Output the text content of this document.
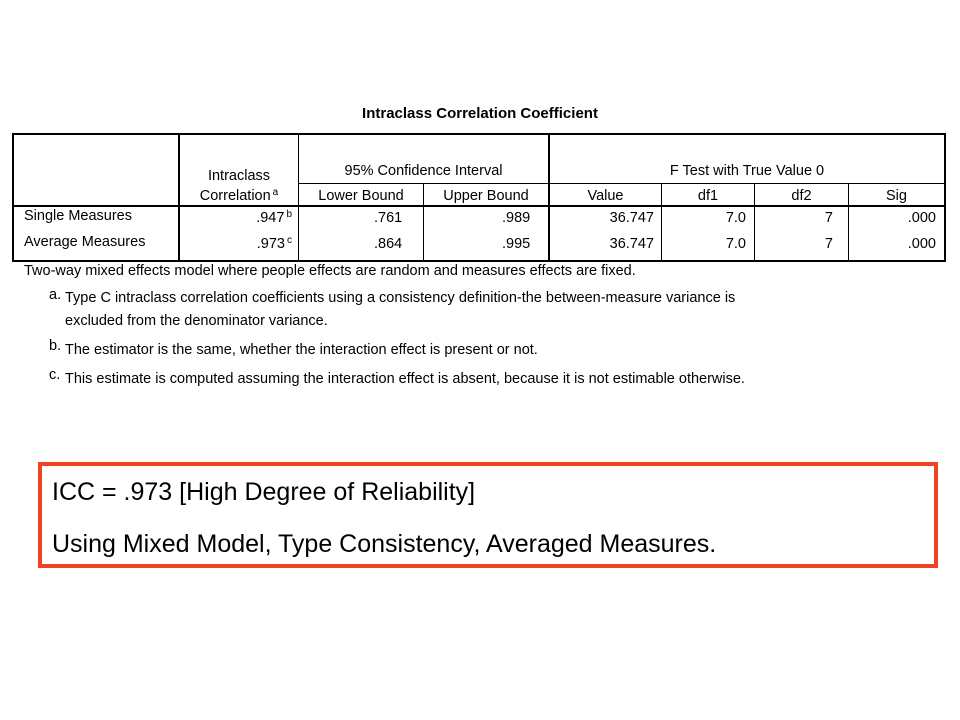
Intraclass Correlation Coefficient
Intraclass
Correlation $^a$
95% Confidence Interval	F Test with True Value 0
Lower Bound	Upper Bound	Value	df1	df2	Sig
Single Measures	.947 $^b$	.761	.989	36.747	7.0	7	.000
Average Measures	.973 $^c$	.864	.995	36.747	7.0	7	.000
Two-way mixed effects model where people effects are random and measures effects are fixed.
a. Type C intraclass correlation coefficients using a consistency definition-the between-measure variance is
excluded from the denominator variance.
b. The estimator is the same, whether the interaction effect is present or not.
c. This estimate is computed assuming the interaction effect is absent, because it is not estimable otherwise.
ICC = .973 [High Degree of Reliability]
Using Mixed Model, Type Consistency, Averaged Measures.
